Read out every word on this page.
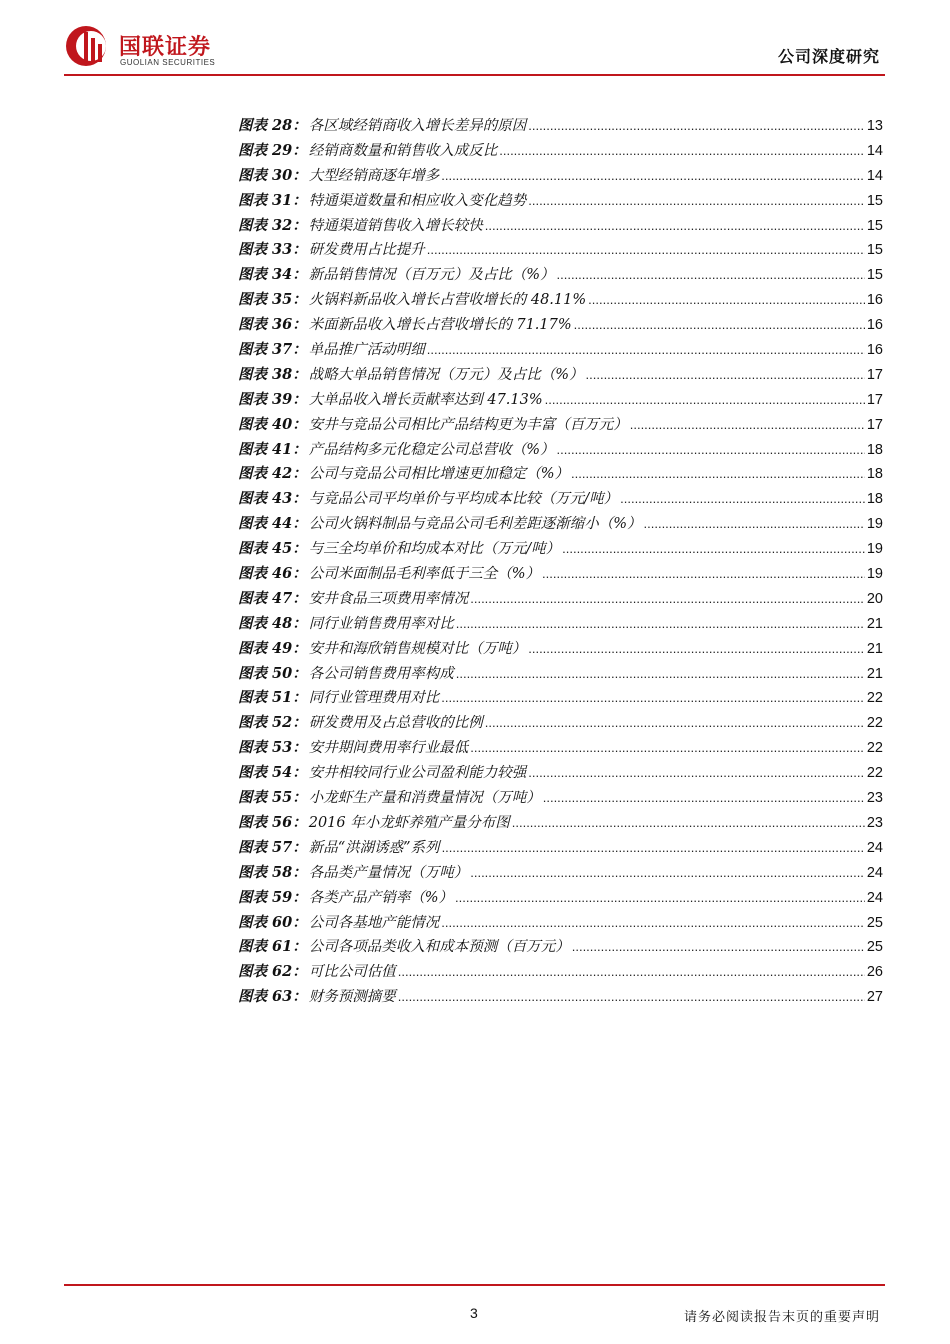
国联证券
GUOLIAN SECURITIES	公司深度研究
图表 28： 各区域经销商收入增长差异的原因 .....	13
图表 29： 经销商数量和销售收入成反比 .....	14
图表 30： 大型经销商逐年增多 .....	14
图表 31： 特通渠道数量和相应收入变化趋势 .....	15
图表 32： 特通渠道销售收入增长较快 .....	15
图表 33： 研发费用占比提升 .....	15
图表 34： 新品销售情况（百万元）及占比（%） .....	15
图表 35： 火锅料新品收入增长占营收增长的 48.11% .....	16
图表 36： 米面新品收入增长占营收增长的 71.17% .....	16
图表 37： 单品推广活动明细 .....	16
图表 38： 战略大单品销售情况（万元）及占比（%） .....	17
图表 39： 大单品收入增长贡献率达到 47.13% .....	17
图表 40： 安井与竞品公司相比产品结构更为丰富（百万元） .....	17
图表 41： 产品结构多元化稳定公司总营收（%） .....	18
图表 42： 公司与竞品公司相比增速更加稳定（%） .....	18
图表 43： 与竞品公司平均单价与平均成本比较（万元/吨） .....	18
图表 44： 公司火锅料制品与竞品公司毛利差距逐渐缩小（%） .....	19
图表 45： 与三全均单价和均成本对比（万元/吨） .....	19
图表 46： 公司米面制品毛利率低于三全（%） .....	19
图表 47： 安井食品三项费用率情况 .....	20
图表 48： 同行业销售费用率对比 .....	21
图表 49： 安井和海欣销售规模对比（万吨） .....	21
图表 50： 各公司销售费用率构成 .....	21
图表 51： 同行业管理费用对比 .....	22
图表 52： 研发费用及占总营收的比例 .....	22
图表 53： 安井期间费用率行业最低 .....	22
图表 54： 安井相较同行业公司盈利能力较强 .....	22
图表 55： 小龙虾生产量和消费量情况（万吨） .....	23
图表 56： 2016 年小龙虾养殖产量分布图 .....	23
图表 57： 新品“洪湖诱惑”系列 .....	24
图表 58： 各品类产量情况（万吨） .....	24
图表 59： 各类产品产销率（%） .....	24
图表 60： 公司各基地产能情况 .....	25
图表 61： 公司各项品类收入和成本预测（百万元） .....	25
图表 62： 可比公司估值 .....	26
图表 63： 财务预测摘要 .....	27
3	请务必阅读报告末页的重要声明
